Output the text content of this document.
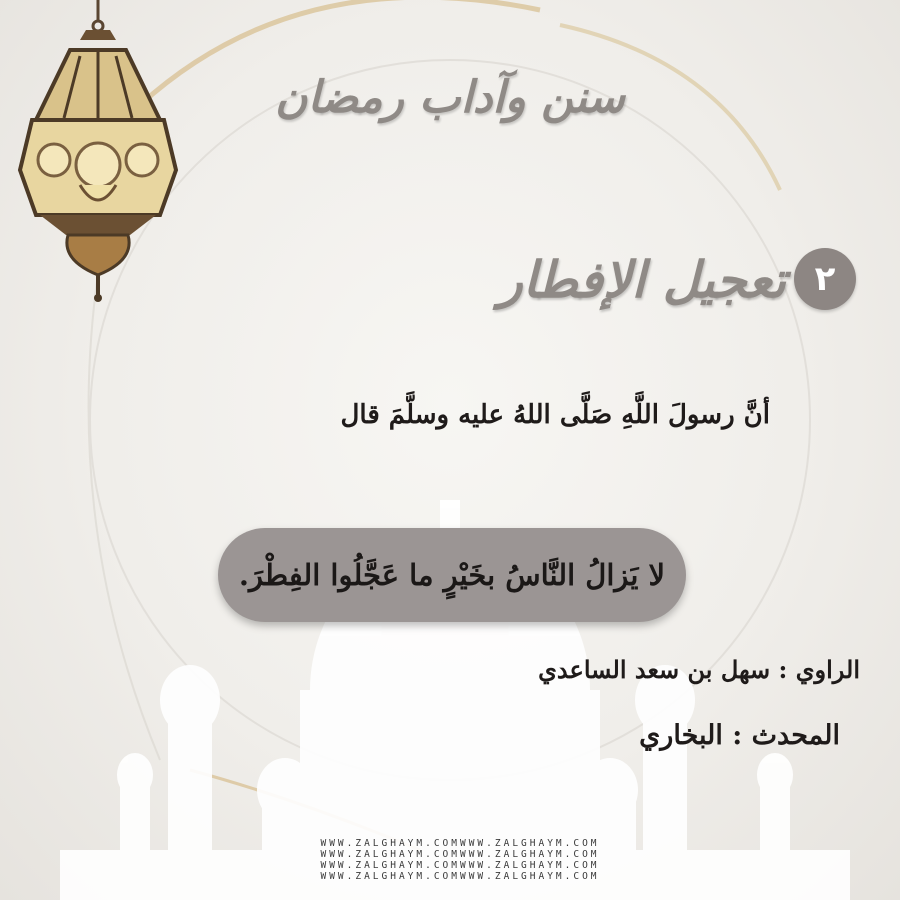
سنن وآداب رمضان
٢
تعجيل الإفطار
أنَّ رسولَ اللَّهِ صَلَّى اللهُ عليه وسلَّمَ قال
لا يَزالُ النَّاسُ بخَيْرٍ ما عَجَّلُوا الفِطْرَ.
الراوي : سهل بن سعد الساعدي
المحدث : البخاري
WWW.ZALGHAYM.COMWWW.ZALGHAYM.COM
WWW.ZALGHAYM.COMWWW.ZALGHAYM.COM
WWW.ZALGHAYM.COMWWW.ZALGHAYM.COM
WWW.ZALGHAYM.COMWWW.ZALGHAYM.COM
